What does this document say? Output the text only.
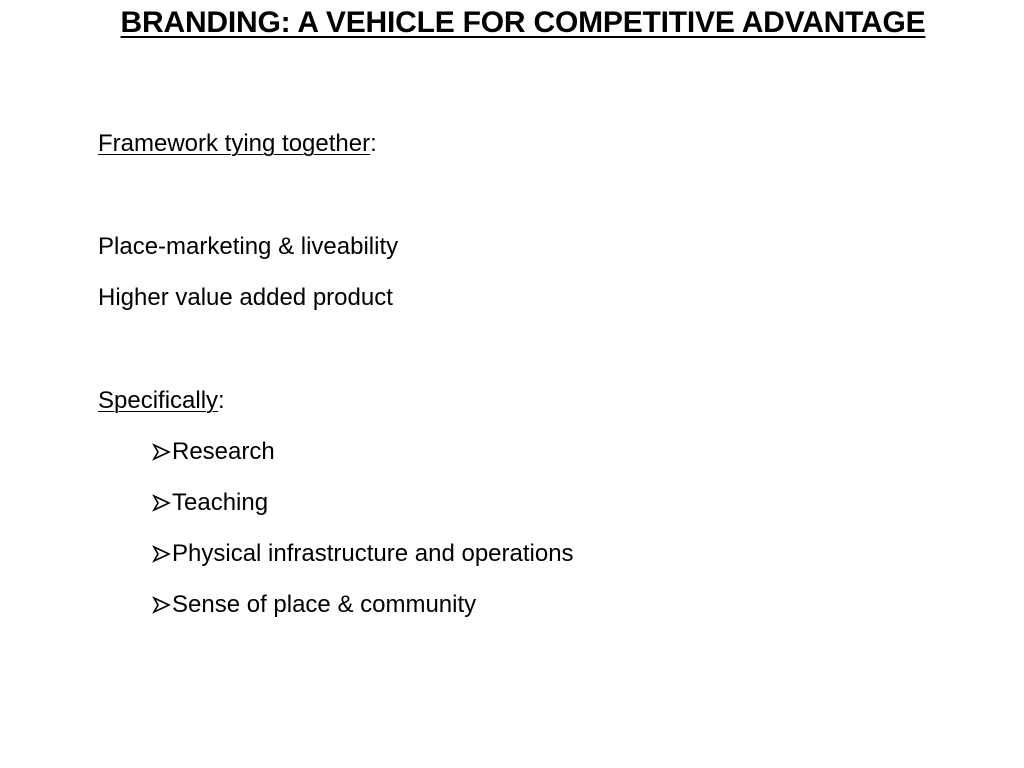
BRANDING: A VEHICLE FOR COMPETITIVE ADVANTAGE
Framework tying together:
Place-marketing & liveability
Higher value added product
Specifically:
Research
Teaching
Physical infrastructure and operations
Sense of place & community
